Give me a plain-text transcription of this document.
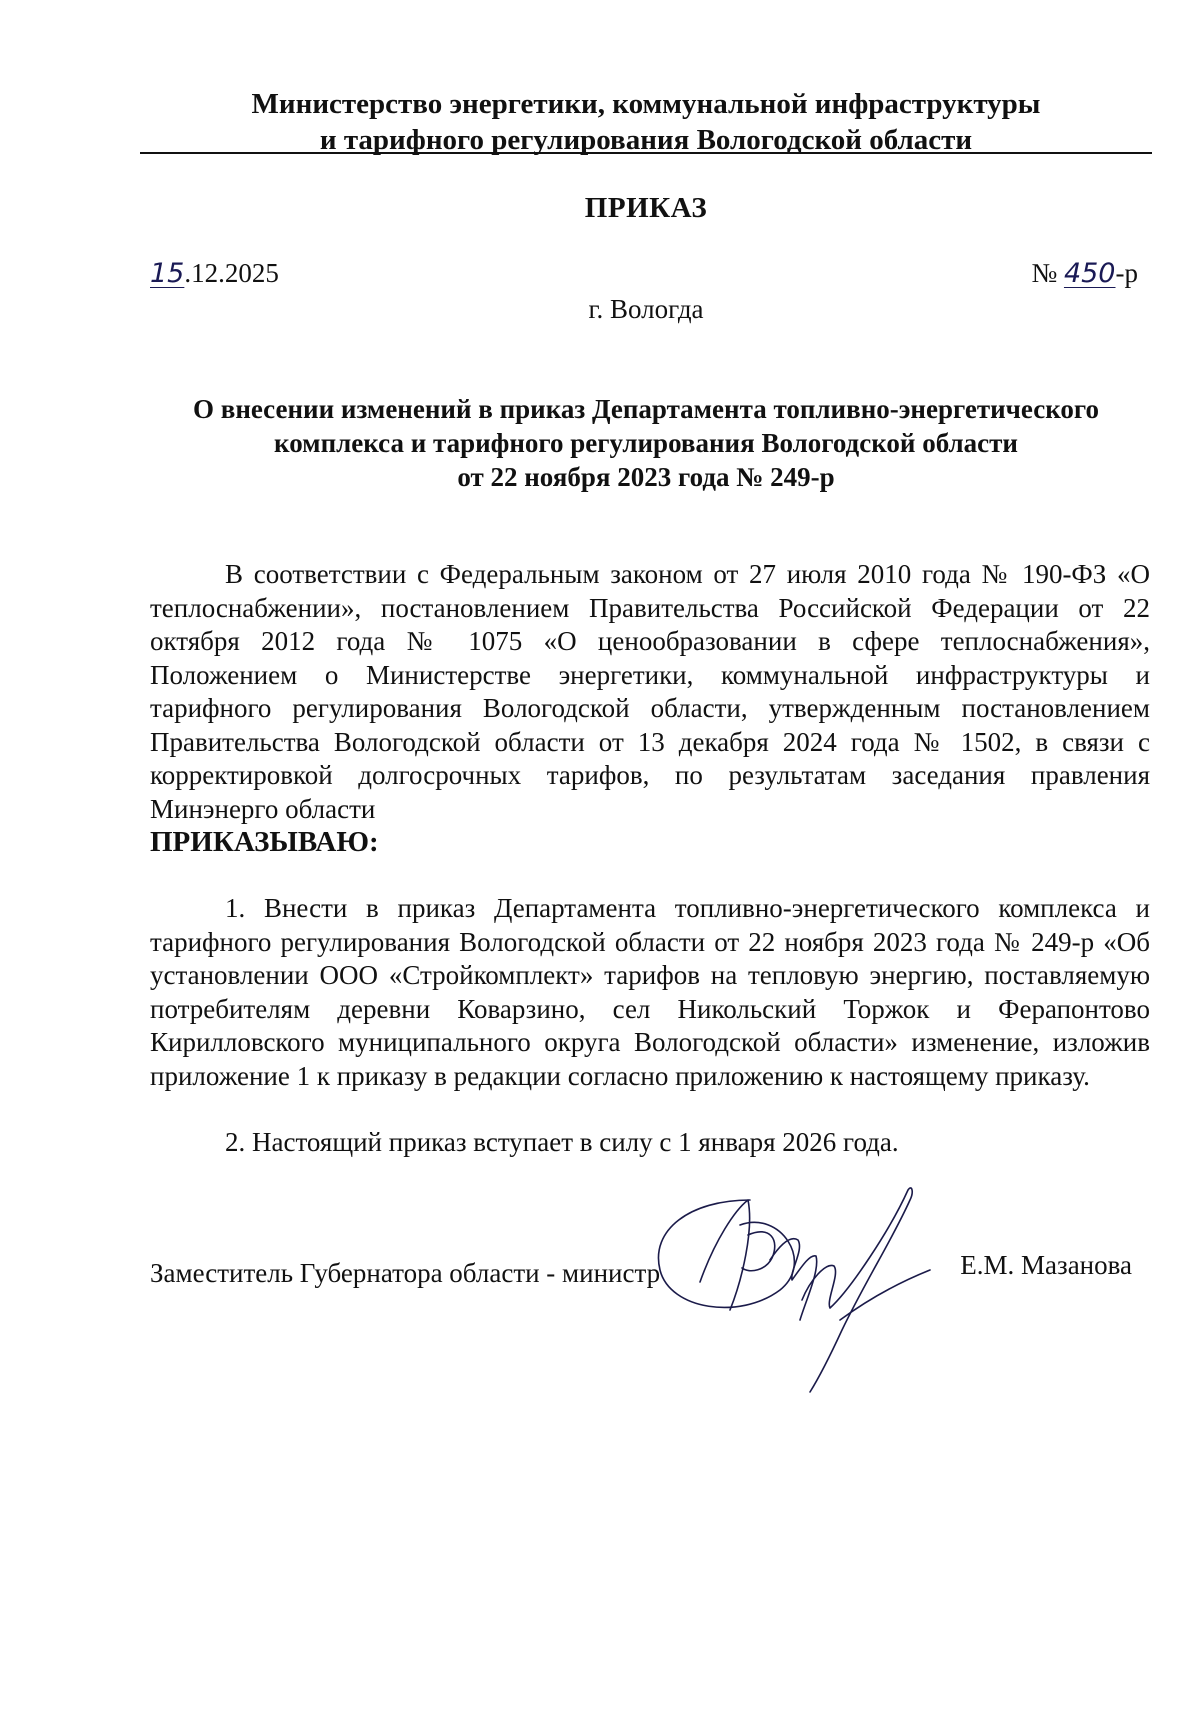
Министерство энергетики, коммунальной инфраструктуры
и тарифного регулирования Вологодской области
ПРИКАЗ
15.12.2025	№ 450-р
г. Вологда
О внесении изменений в приказ Департамента топливно-энергетического
комплекса и тарифного регулирования Вологодской области
от 22 ноября 2023 года № 249-р
В соответствии с Федеральным законом от 27 июля 2010 года № 190-ФЗ «О теплоснабжении», постановлением Правительства Российской Федерации от 22 октября 2012 года № 1075 «О ценообразовании в сфере теплоснабжения», Положением о Министерстве энергетики, коммунальной инфраструктуры и тарифного регулирования Вологодской области, утвержденным постановлением Правительства Вологодской области от 13 декабря 2024 года № 1502, в связи с корректировкой долгосрочных тарифов, по результатам заседания правления Минэнерго области
ПРИКАЗЫВАЮ:
1. Внести в приказ Департамента топливно-энергетического комплекса и тарифного регулирования Вологодской области от 22 ноября 2023 года № 249-р «Об установлении ООО «Стройкомплект» тарифов на тепловую энергию, поставляемую потребителям деревни Коварзино, сел Никольский Торжок и Ферапонтово Кирилловского муниципального округа Вологодской области» изменение, изложив приложение 1 к приказу в редакции согласно приложению к настоящему приказу.
2. Настоящий приказ вступает в силу с 1 января 2026 года.
Заместитель Губернатора области - министр	Е.М. Мазанова
